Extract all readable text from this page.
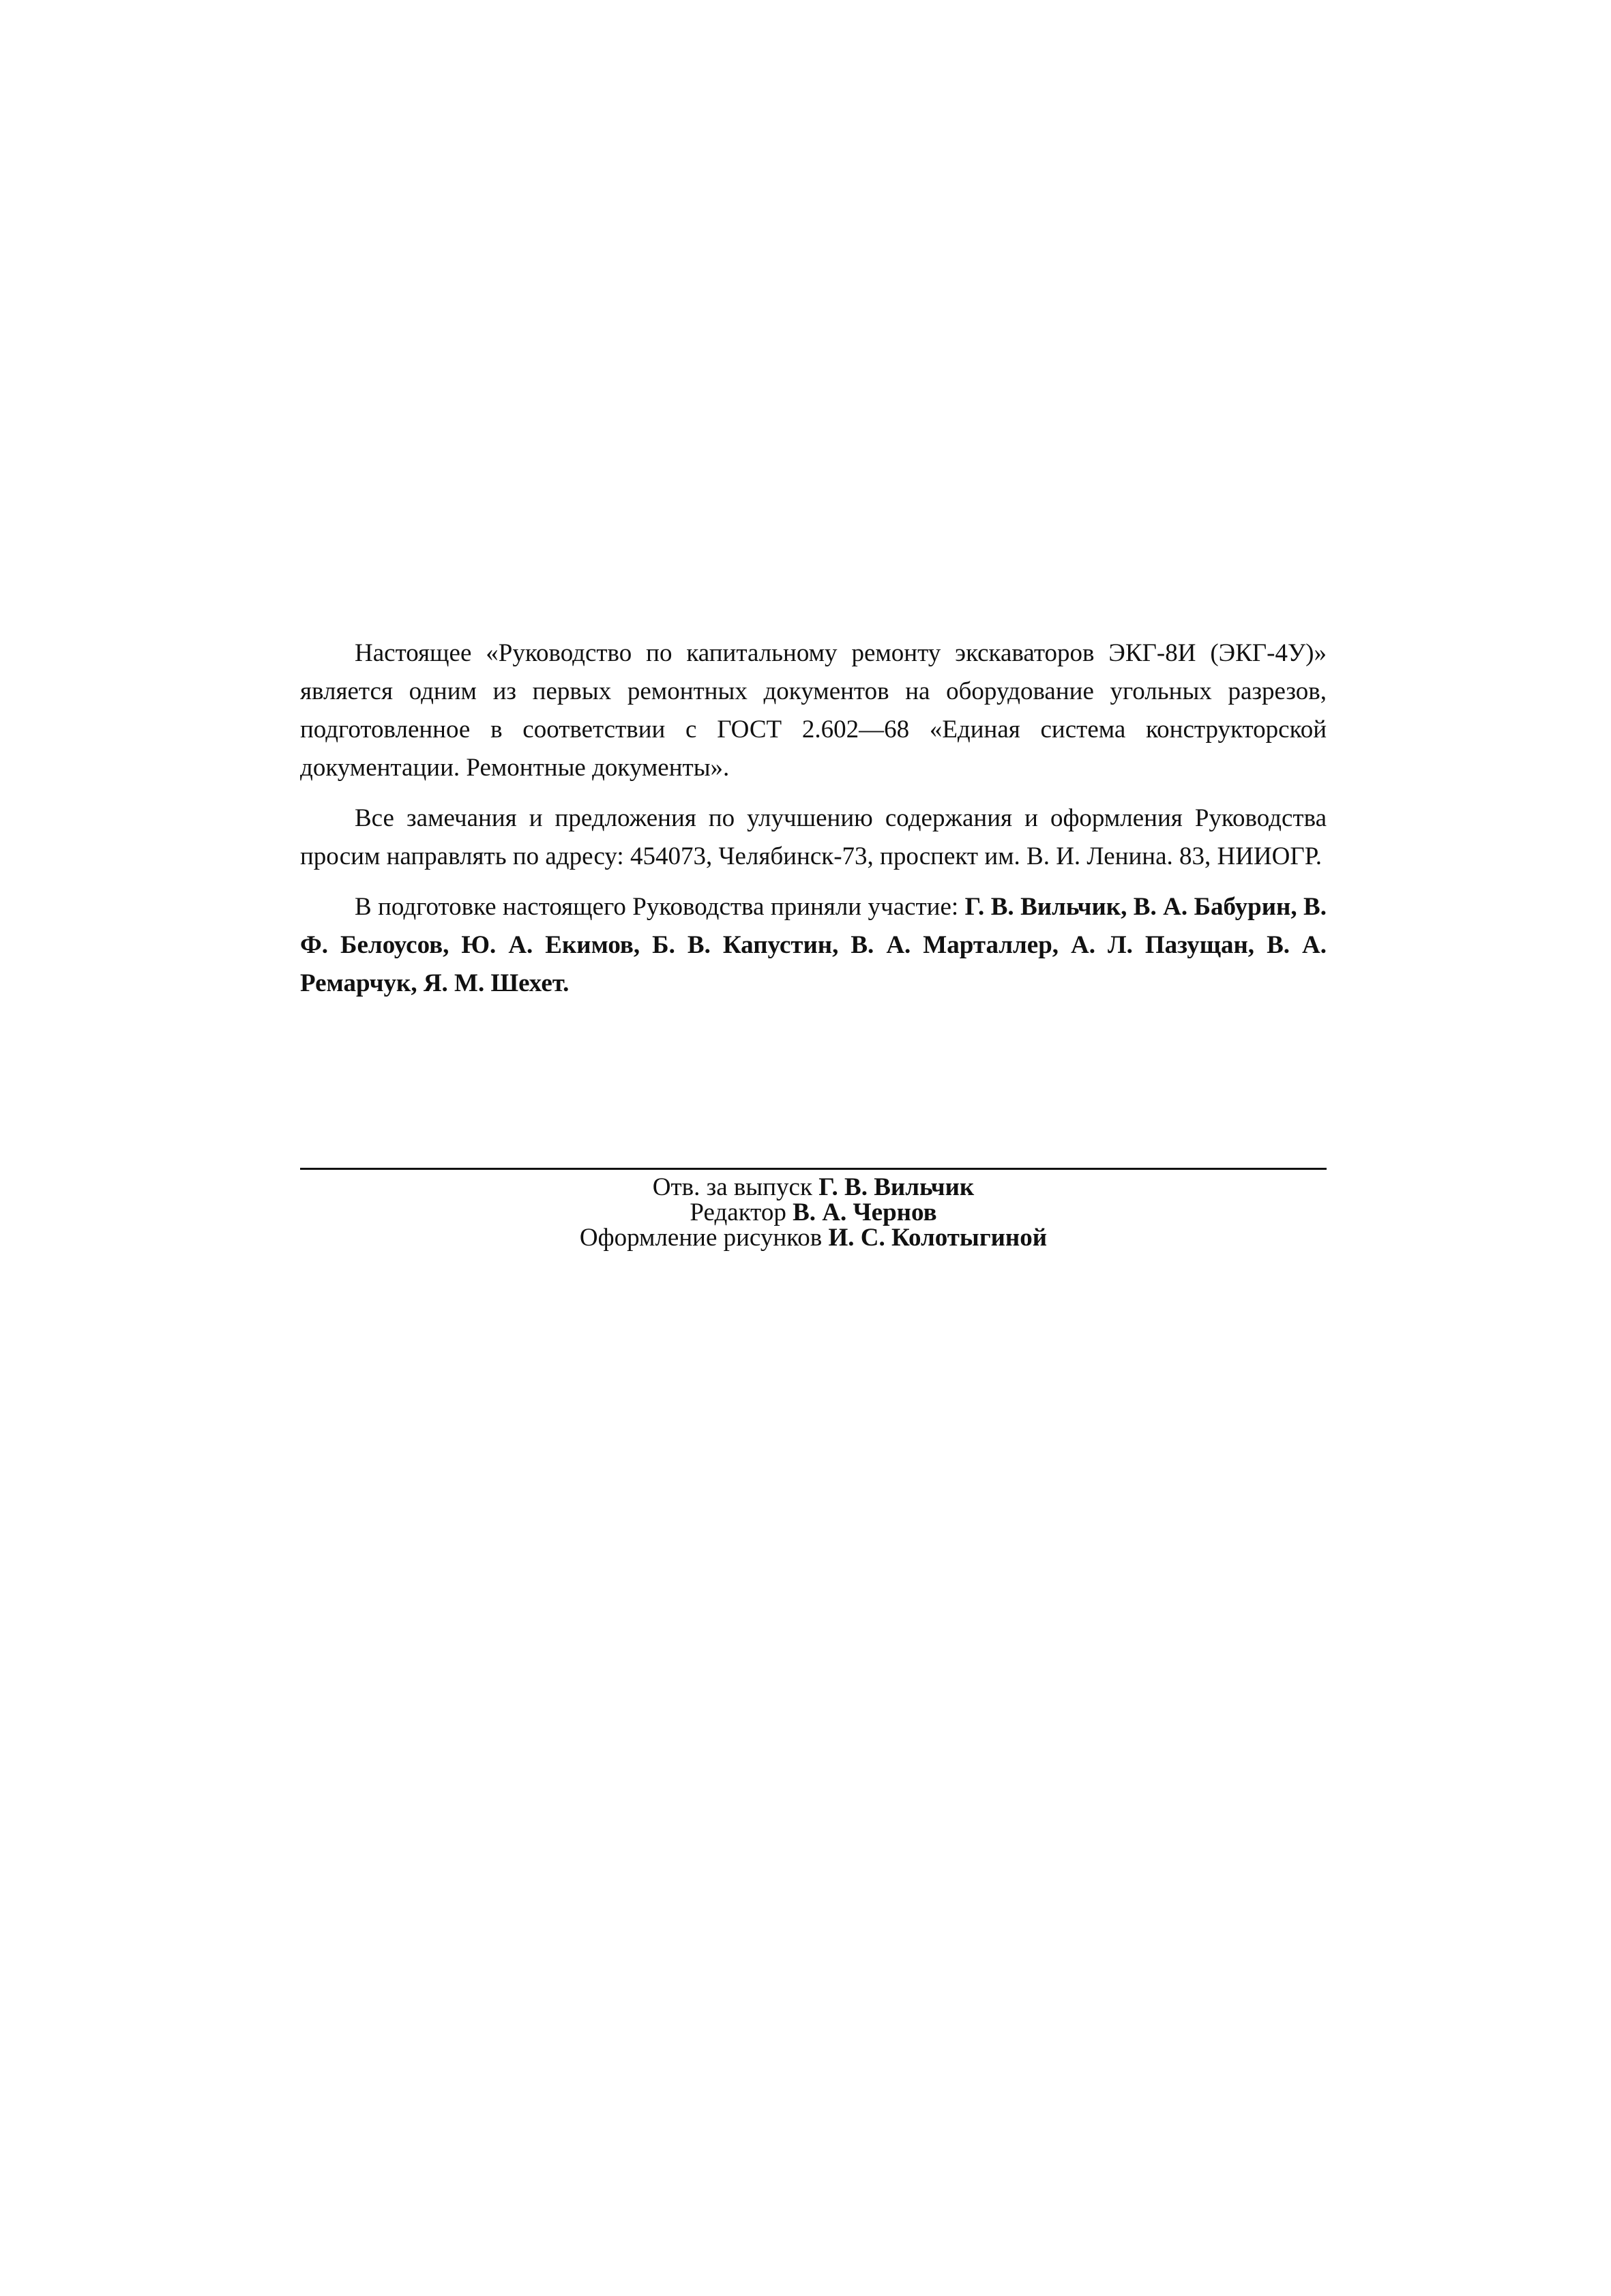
Настоящее «Руководство по капитальному ремонту экскаваторов ЭКГ-8И (ЭКГ-4У)» является одним из первых ремонтных документов на оборудование угольных разрезов, подготовленное в соответствии с ГОСТ 2.602—68 «Единая система конструкторской документации. Ремонтные документы».

Все замечания и предложения по улучшению содержания и оформления Руководства просим направлять по адресу: 454073, Челябинск-73, проспект им. В. И. Ленина. 83, НИИОГР.

В подготовке настоящего Руководства приняли участие: Г. В. Вильчик, В. А. Бабурин, В. Ф. Белоусов, Ю. А. Екимов, Б. В. Капустин, В. А. Марталлер, А. Л. Пазущан, В. А. Ремарчук, Я. М. Шехет.

Отв. за выпуск Г. В. Вильчик
Редактор В. А. Чернов
Оформление рисунков И. С. Колотыгиной
